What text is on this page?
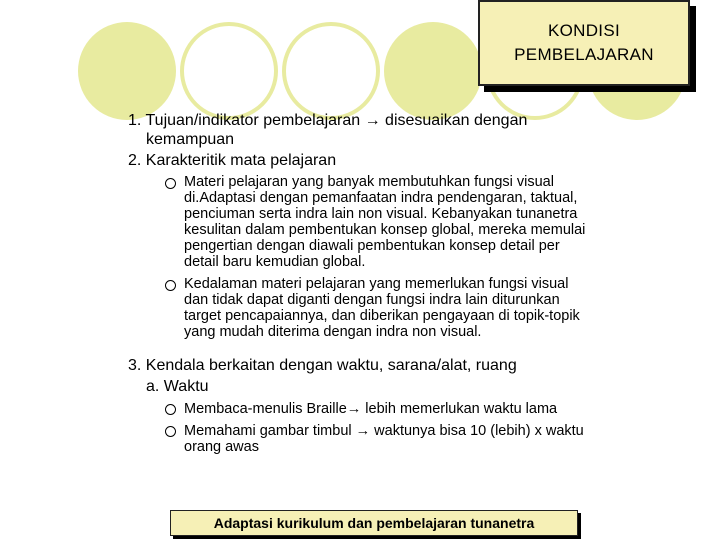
KONDISI
PEMBELAJARAN
1. Tujuan/indikator pembelajaran → disesuaikan dengan
kemampuan
2. Karakteritik mata pelajaran
Materi pelajaran yang banyak membutuhkan fungsi visual
di.Adaptasi dengan pemanfaatan indra pendengaran, taktual,
penciuman serta indra lain non visual. Kebanyakan tunanetra
kesulitan dalam pembentukan konsep global, mereka memulai
pengertian dengan diawali pembentukan konsep detail per
detail baru kemudian global.
Kedalaman materi pelajaran yang memerlukan fungsi visual
dan tidak dapat diganti dengan fungsi indra lain diturunkan
target pencapaiannya, dan diberikan pengayaan di topik-topik
yang mudah diterima dengan indra non visual.
3. Kendala berkaitan dengan waktu, sarana/alat, ruang
a. Waktu
Membaca-menulis Braille→ lebih memerlukan waktu lama
Memahami gambar timbul → waktunya bisa 10 (lebih) x waktu
orang awas
Adaptasi kurikulum dan pembelajaran tunanetra
